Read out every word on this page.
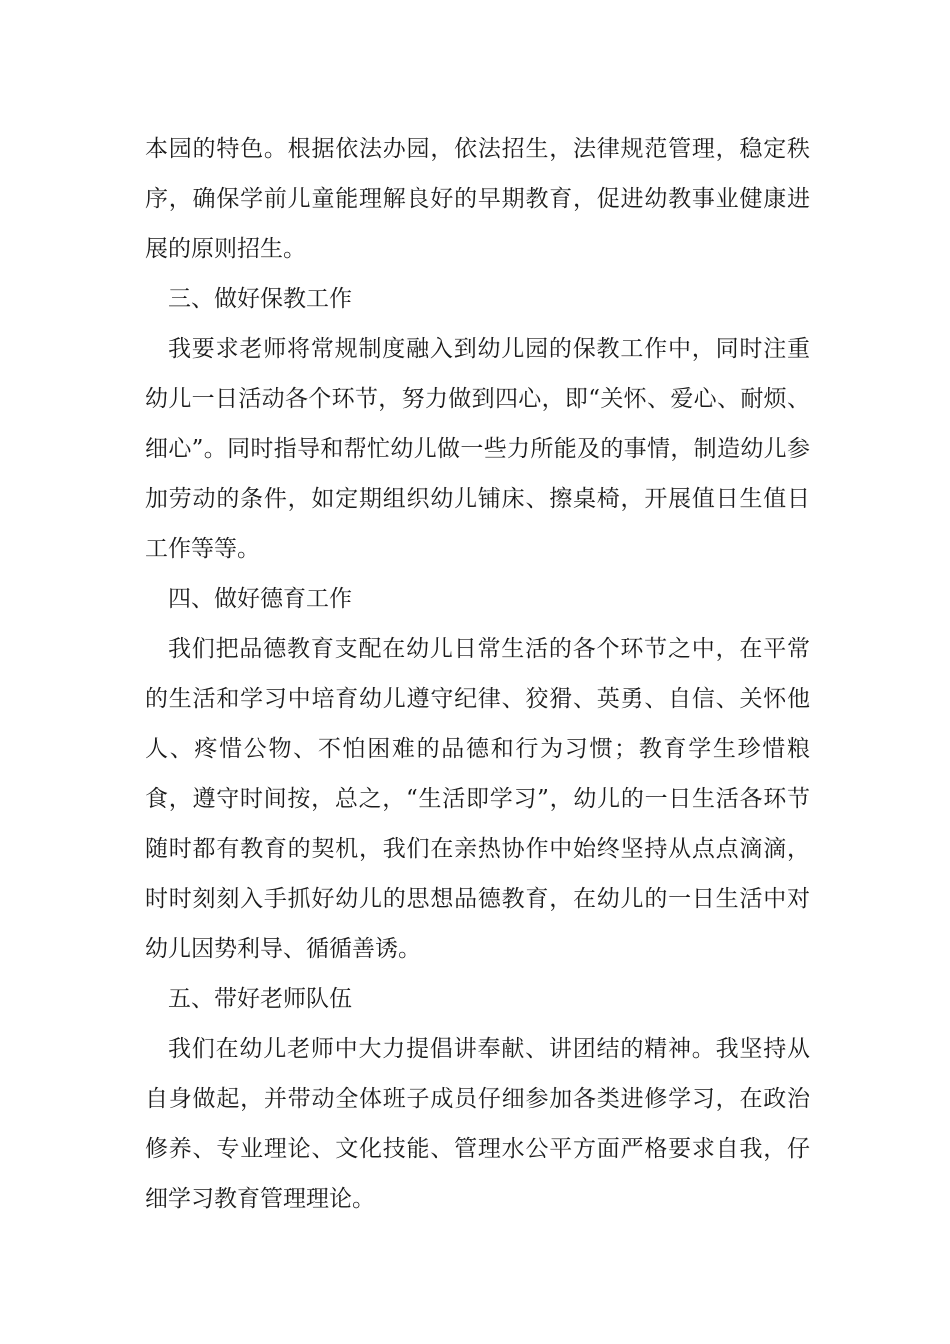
本园的特色。根据依法办园，依法招生，法律规范管理，稳定秩序，确保学前儿童能理解良好的早期教育，促进幼教事业健康进展的原则招生。

三、做好保教工作

我要求老师将常规制度融入到幼儿园的保教工作中，同时注重幼儿一日活动各个环节，努力做到四心，即“关怀、爱心、耐烦、细心”。同时指导和帮忙幼儿做一些力所能及的事情，制造幼儿参加劳动的条件，如定期组织幼儿铺床、擦桌椅，开展值日生值日工作等等。

四、做好德育工作

我们把品德教育支配在幼儿日常生活的各个环节之中，在平常的生活和学习中培育幼儿遵守纪律、狡猾、英勇、自信、关怀他人、疼惜公物、不怕困难的品德和行为习惯；教育学生珍惜粮食，遵守时间按，总之，“生活即学习”，幼儿的一日生活各环节随时都有教育的契机，我们在亲热协作中始终坚持从点点滴滴，时时刻刻入手抓好幼儿的思想品德教育，在幼儿的一日生活中对幼儿因势利导、循循善诱。

五、带好老师队伍

我们在幼儿老师中大力提倡讲奉献、讲团结的精神。我坚持从自身做起，并带动全体班子成员仔细参加各类进修学习，在政治修养、专业理论、文化技能、管理水公平方面严格要求自我，仔细学习教育管理理论。
